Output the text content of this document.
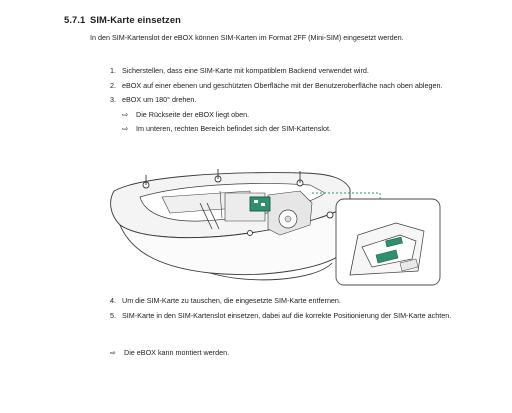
5.7.1 SIM-Karte einsetzen
In den SIM-Kartenslot der eBOX können SIM-Karten im Format 2FF (Mini-SIM) eingesetzt werden.
1. Sicherstellen, dass eine SIM-Karte mit kompatiblem Backend verwendet wird.
2. eBOX auf einer ebenen und geschützten Oberfläche mit der Benutzeroberfläche nach oben ablegen.
3. eBOX um 180° drehen.
⇨ Die Rückseite der eBOX liegt oben.
⇨ Im unteren, rechten Bereich befindet sich der SIM-Kartenslot.
4. Um die SIM-Karte zu tauschen, die eingesetzte SIM-Karte entfernen.
5. SIM-Karte in den SIM-Kartenslot einsetzen, dabei auf die korrekte Positionierung der SIM-Karte achten.
⇨ Die eBOX kann montiert werden.
